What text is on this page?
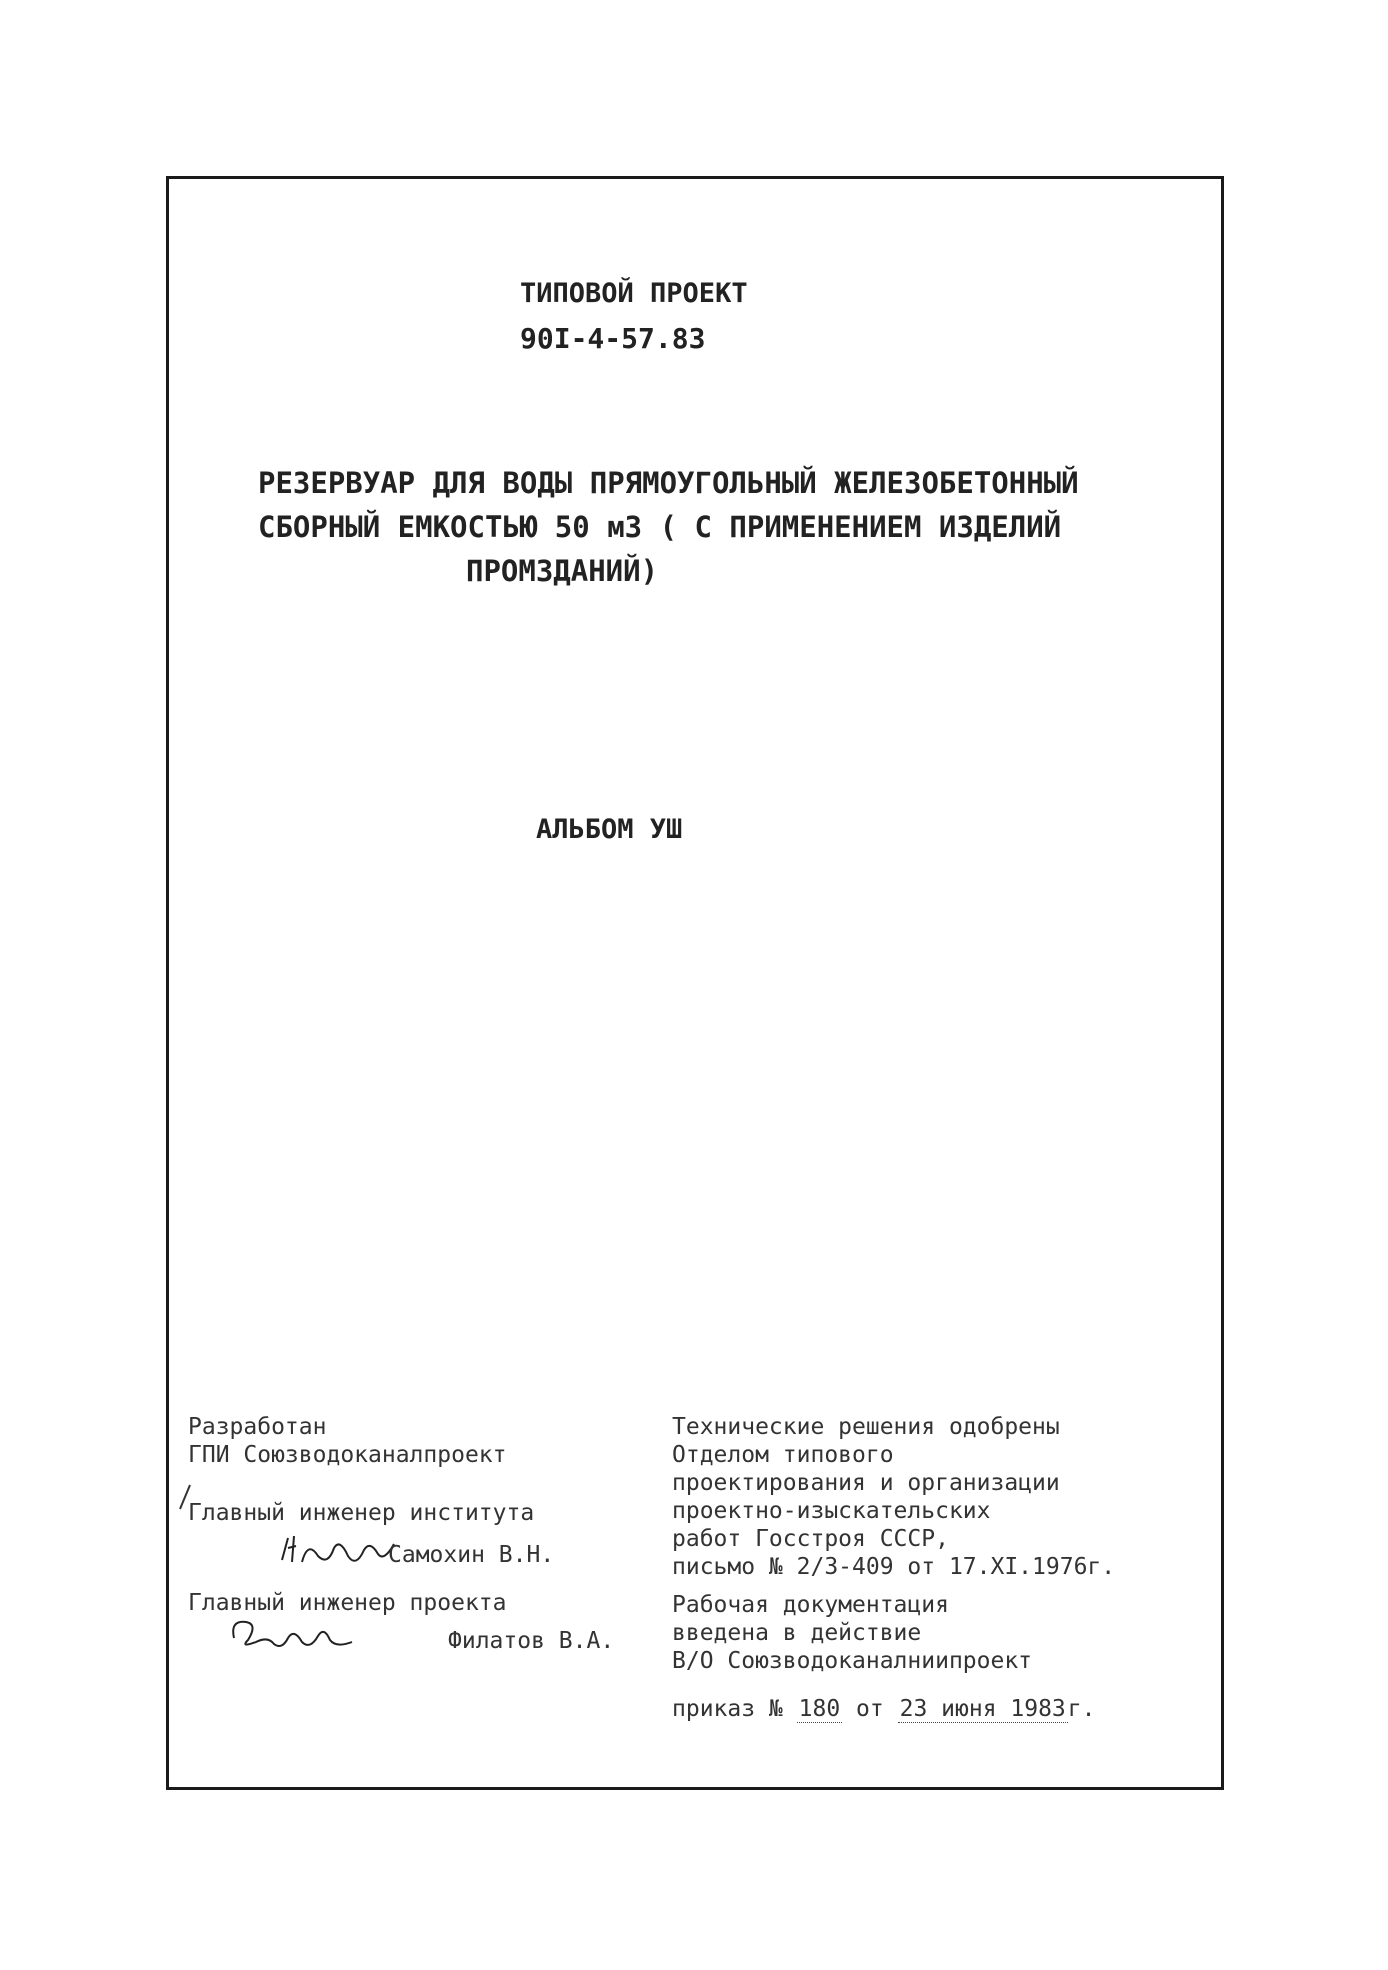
ТИПОВОЙ ПРОЕКТ
90I-4-57.83
РЕЗЕРВУАР ДЛЯ ВОДЫ ПРЯМОУГОЛЬНЫЙ ЖЕЛЕЗОБЕТОННЫЙ
СБОРНЫЙ ЕМКОСТЬЮ 50 м3 ( С ПРИМЕНЕНИЕМ ИЗДЕЛИЙ
ПРОМЗДАНИЙ)
АЛЬБОМ УШ
Разработан
ГПИ Союзводоканалпроект
Главный инженер института
Самохин В.Н.
Главный инженер проекта
Филатов В.А.
Технические решения одобрены
Отделом типового
проектирования и организации
проектно-изыскательских
работ Госстроя СССР,
письмо № 2/3-409 от 17.XI.1976г.
Рабочая документация
введена в действие
В/О Союзводоканалниипроект
приказ № 180 от 23 июня 1983г.
